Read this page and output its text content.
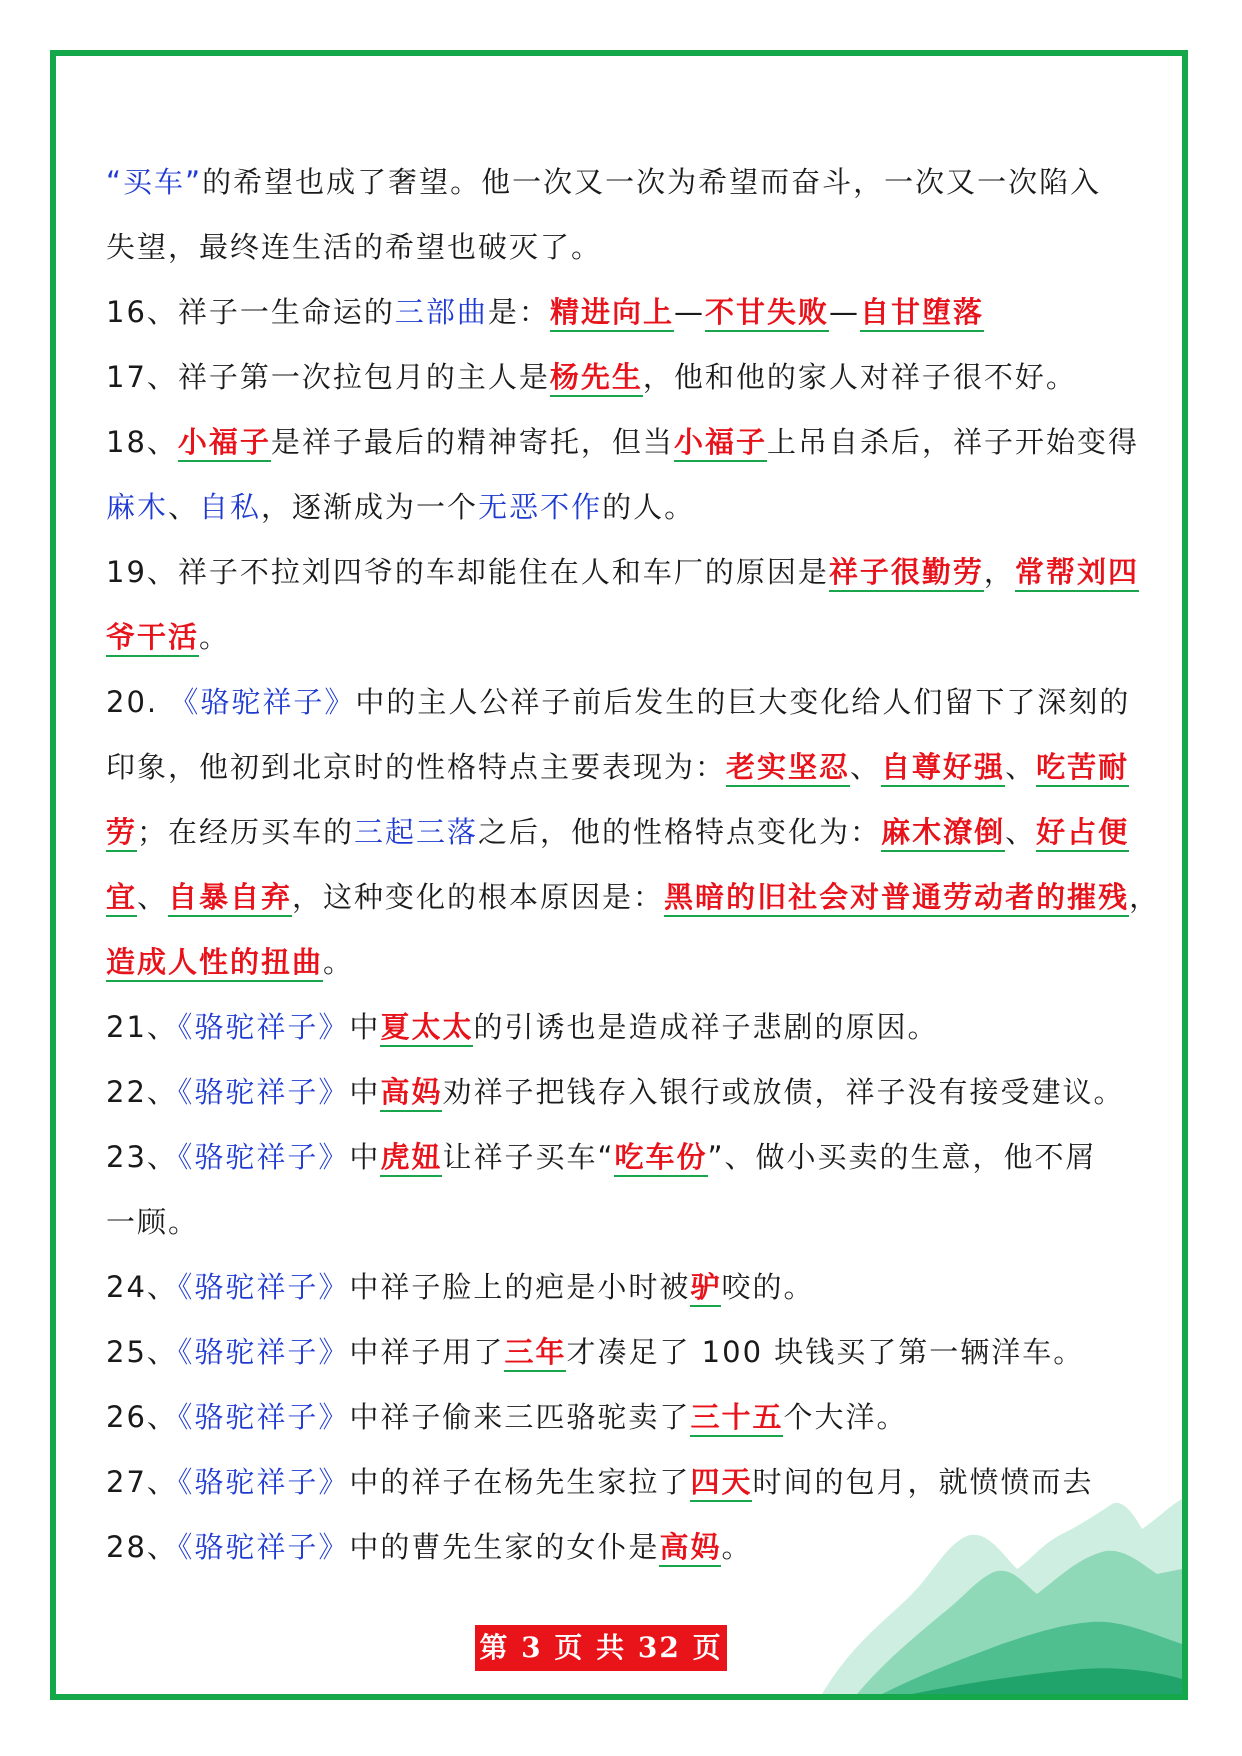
“买车”的希望也成了奢望。他一次又一次为希望而奋斗，一次又一次陷入
失望，最终连生活的希望也破灭了。
16、祥子一生命运的三部曲是：精进向上—不甘失败—自甘堕落
17、祥子第一次拉包月的主人是杨先生，他和他的家人对祥子很不好。
18、小福子是祥子最后的精神寄托，但当小福子上吊自杀后，祥子开始变得
麻木、自私，逐渐成为一个无恶不作的人。
19、祥子不拉刘四爷的车却能住在人和车厂的原因是祥子很勤劳，常帮刘四
爷干活。
20. 《骆驼祥子》中的主人公祥子前后发生的巨大变化给人们留下了深刻的
印象，他初到北京时的性格特点主要表现为：老实坚忍、自尊好强、吃苦耐
劳；在经历买车的三起三落之后，他的性格特点变化为：麻木潦倒、好占便
宜、自暴自弃，这种变化的根本原因是：黑暗的旧社会对普通劳动者的摧残，
造成人性的扭曲。
21、《骆驼祥子》中夏太太的引诱也是造成祥子悲剧的原因。
22、《骆驼祥子》中高妈劝祥子把钱存入银行或放债，祥子没有接受建议。
23、《骆驼祥子》中虎妞让祥子买车“吃车份”、做小买卖的生意，他不屑
一顾。
24、《骆驼祥子》中祥子脸上的疤是小时被驴咬的。
25、《骆驼祥子》中祥子用了三年才凑足了 100 块钱买了第一辆洋车。
26、《骆驼祥子》中祥子偷来三匹骆驼卖了三十五个大洋。
27、《骆驼祥子》中的祥子在杨先生家拉了四天时间的包月，就愤愤而去
28、《骆驼祥子》中的曹先生家的女仆是高妈。
第 3 页 共 32 页
